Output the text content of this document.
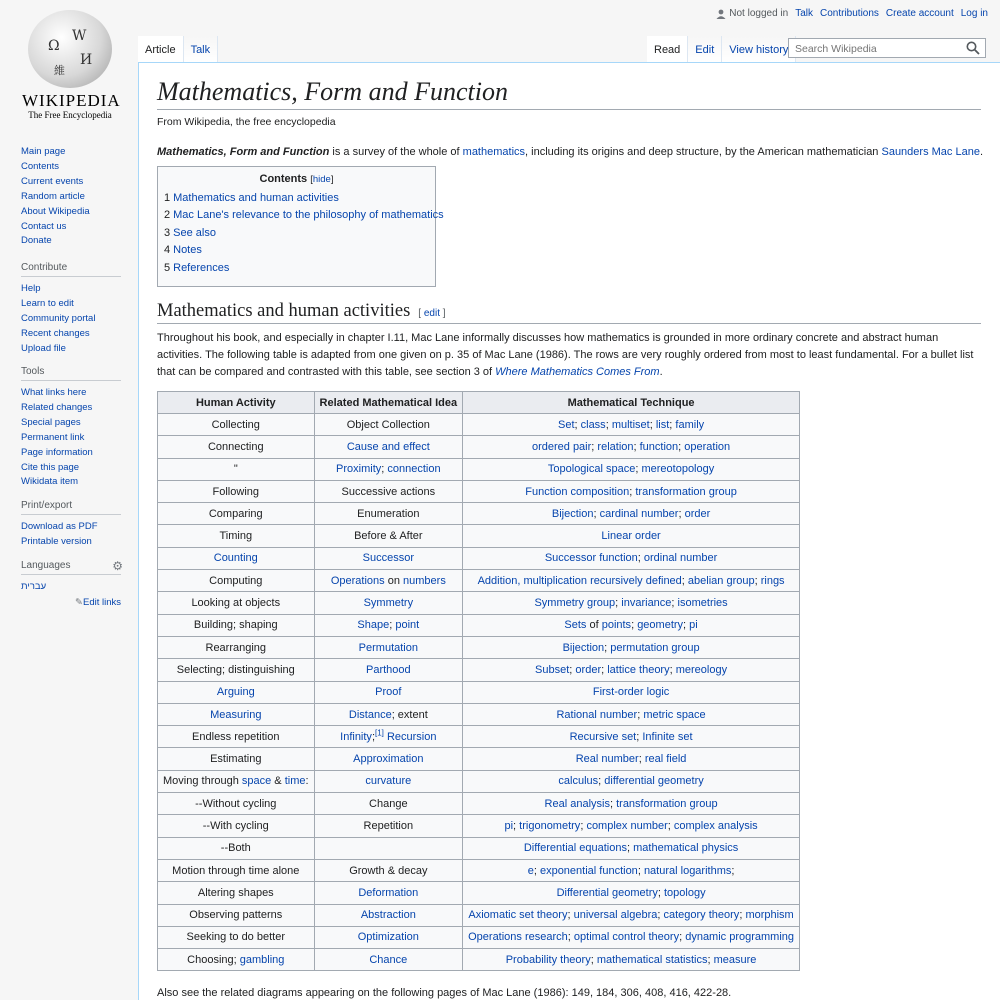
Ω
W
И
維
WIKIPEDIA
The Free Encyclopedia
Main page
Contents
Current events
Random article
About Wikipedia
Contact us
Donate
Contribute
Help
Learn to edit
Community portal
Recent changes
Upload file
Tools
What links here
Related changes
Special pages
Permanent link
Page information
Cite this page
Wikidata item
Print/export
Download as PDF
Printable version
Languages	⚙
עברית
✎Edit links
Not logged in Talk Contributions Create account Log in
Article	Talk	Read	Edit	View history
Search Wikipedia
Mathematics, Form and Function
From Wikipedia, the free encyclopedia
Mathematics, Form and Function is a survey of the whole of mathematics, including its origins and deep structure, by the American mathematician Saunders Mac Lane.
Contents [hide]
1 Mathematics and human activities
2 Mac Lane's relevance to the philosophy of mathematics
3 See also
4 Notes
5 References
Mathematics and human activities [ edit ]
Throughout his book, and especially in chapter I.11, Mac Lane informally discusses how mathematics is grounded in more ordinary concrete and abstract human activities. The following table is adapted from one given on p. 35 of Mac Lane (1986). The rows are very roughly ordered from most to least fundamental. For a bullet list that can be compared and contrasted with this table, see section 3 of Where Mathematics Comes From.
Human Activity	Related Mathematical Idea	Mathematical Technique
Collecting	Object Collection	Set; class; multiset; list; family
Connecting	Cause and effect	ordered pair; relation; function; operation
"	Proximity; connection	Topological space; mereotopology
Following	Successive actions	Function composition; transformation group
Comparing	Enumeration	Bijection; cardinal number; order
Timing	Before & After	Linear order
Counting	Successor	Successor function; ordinal number
Computing	Operations on numbers	Addition, multiplication recursively defined; abelian group; rings
Looking at objects	Symmetry	Symmetry group; invariance; isometries
Building; shaping	Shape; point	Sets of points; geometry; pi
Rearranging	Permutation	Bijection; permutation group
Selecting; distinguishing	Parthood	Subset; order; lattice theory; mereology
Arguing	Proof	First-order logic
Measuring	Distance; extent	Rational number; metric space
Endless repetition	Infinity;[1] Recursion	Recursive set; Infinite set
Estimating	Approximation	Real number; real field
Moving through space & time:	curvature	calculus; differential geometry
--Without cycling	Change	Real analysis; transformation group
--With cycling	Repetition	pi; trigonometry; complex number; complex analysis
--Both		Differential equations; mathematical physics
Motion through time alone	Growth & decay	e; exponential function; natural logarithms;
Altering shapes	Deformation	Differential geometry; topology
Observing patterns	Abstraction	Axiomatic set theory; universal algebra; category theory; morphism
Seeking to do better	Optimization	Operations research; optimal control theory; dynamic programming
Choosing; gambling	Chance	Probability theory; mathematical statistics; measure
Also see the related diagrams appearing on the following pages of Mac Lane (1986): 149, 184, 306, 408, 416, 422-28.
